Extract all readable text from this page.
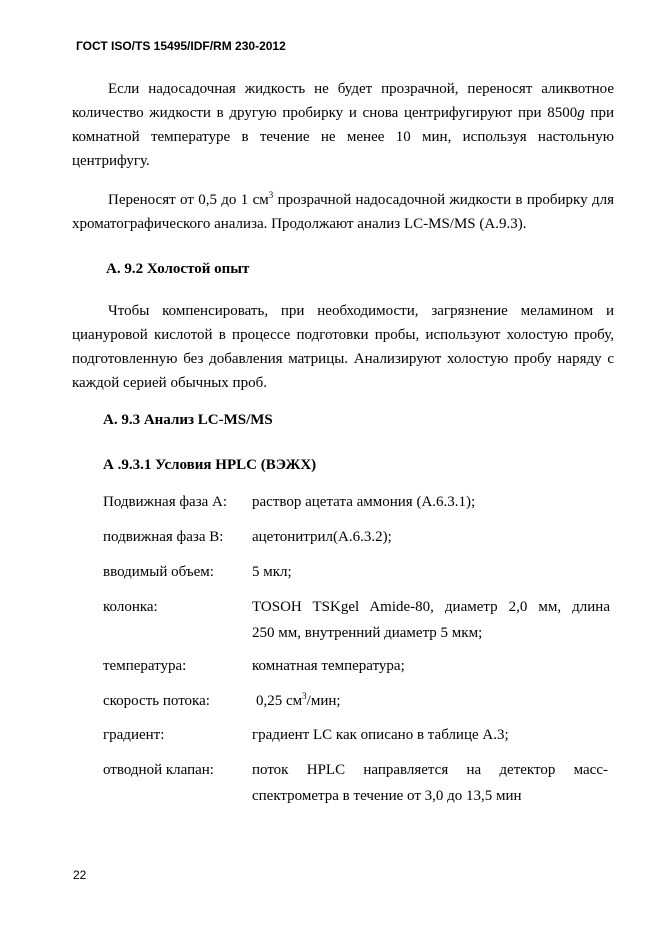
ГОСТ ISO/TS 15495/IDF/RM 230-2012
Если надосадочная жидкость не будет прозрачной, переносят аликвотное количество жидкости в другую пробирку и снова центрифугируют при 8500g при комнатной температуре в течение не менее 10 мин, используя настольную центрифугу.
Переносят от 0,5 до 1 $см^3$ прозрачной надосадочной жидкости в пробирку для хроматографического анализа. Продолжают анализ LC-MS/MS (A.9.3).
А. 9.2 Холостой опыт
Чтобы компенсировать, при необходимости, загрязнение меламином и циануровой кислотой в процессе подготовки пробы, используют холостую пробу, подготовленную без добавления матрицы. Анализируют холостую пробу наряду с каждой серией обычных проб.
А. 9.3 Анализ LC-MS/MS
А .9.3.1 Условия HPLC (ВЭЖХ)
Подвижная фаза А: раствор ацетата аммония (А.6.3.1);
подвижная фаза В: ацетонитрил(А.6.3.2);
вводимый объем:	5 мкл;
колонка:	TOSOH TSKgel Amide-80, диаметр 2,0 мм, длина
250 мм, внутренний диаметр 5 мкм;
температура:	комнатная температура;
скорость потока:	0,25 $см^3$/мин;
градиент:	градиент LC как описано в таблице А.3;
отводной клапан:	поток HPLC направляется на детектор масс-
спектрометра в течение от 3,0 до 13,5 мин
22
